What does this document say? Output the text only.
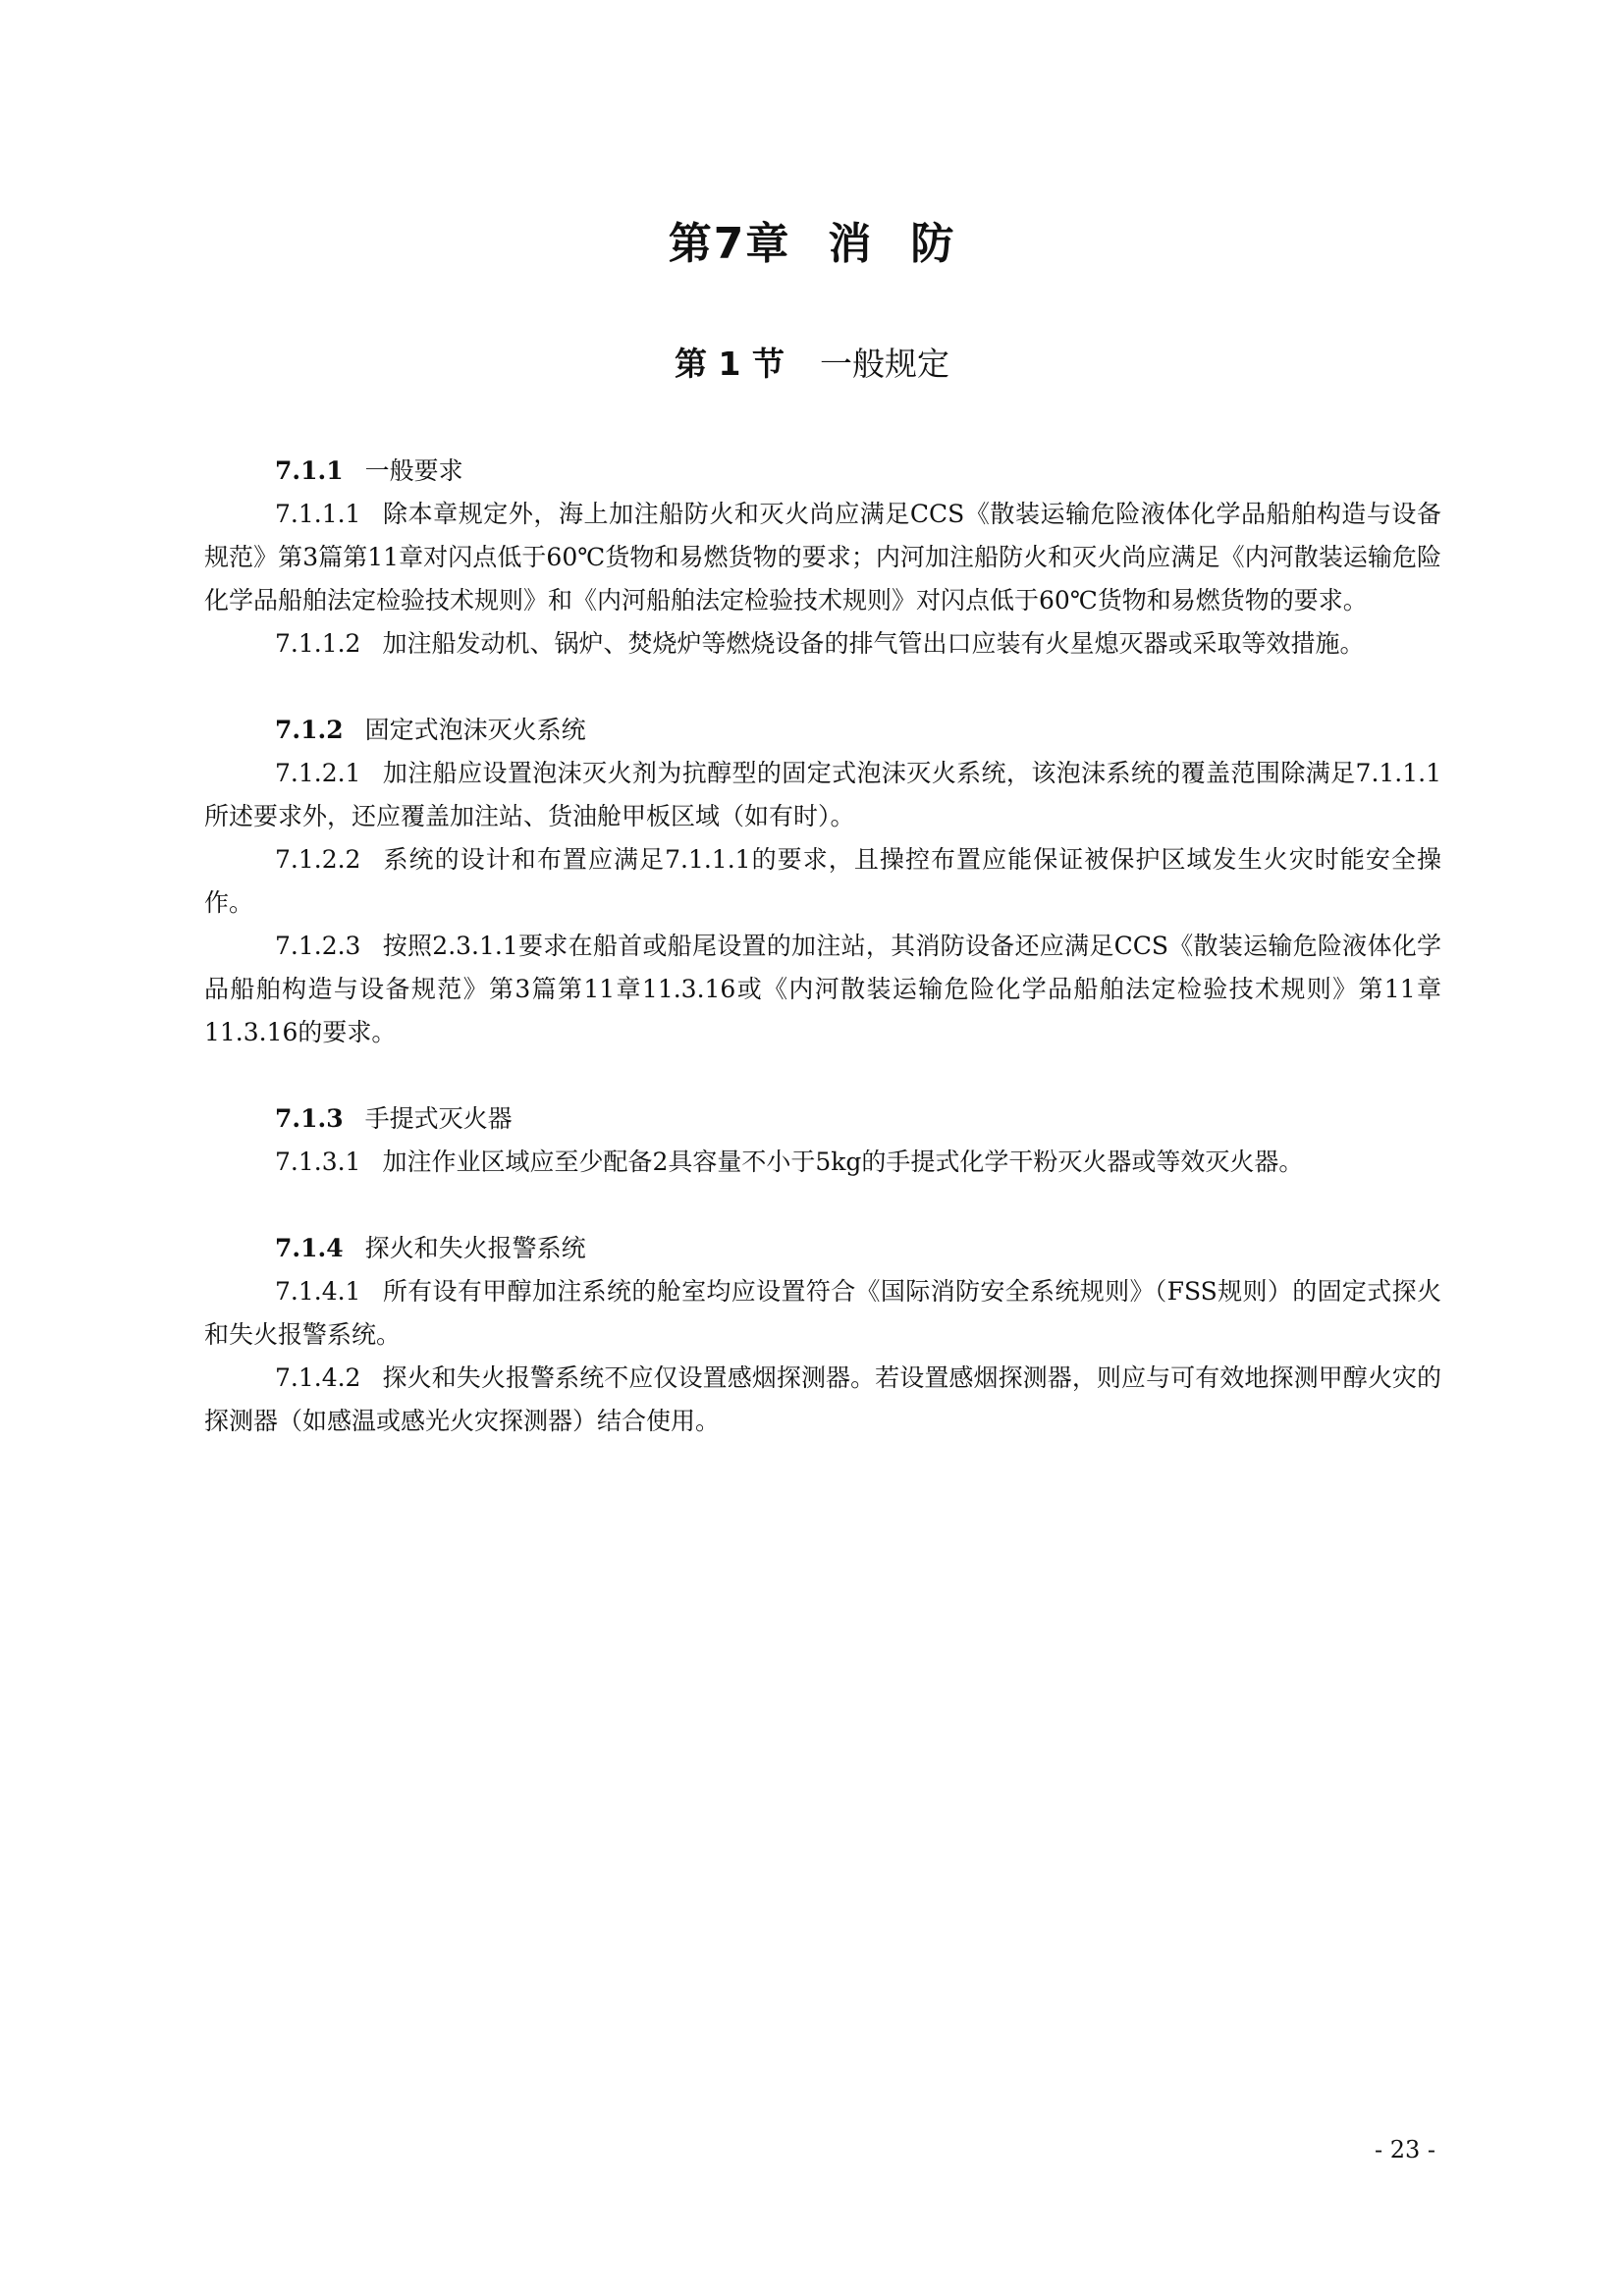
第7章 消 防
第 1 节 一般规定

7.1.1 一般要求

7.1.1.1 除本章规定外，海上加注船防火和灭火尚应满足CCS《散装运输危险液体化学品船舶构造与设备规范》第3篇第11章对闪点低于60℃货物和易燃货物的要求；内河加注船防火和灭火尚应满足《内河散装运输危险化学品船舶法定检验技术规则》和《内河船舶法定检验技术规则》对闪点低于60℃货物和易燃货物的要求。

7.1.1.2 加注船发动机、锅炉、焚烧炉等燃烧设备的排气管出口应装有火星熄灭器或采取等效措施。

7.1.2 固定式泡沫灭火系统

7.1.2.1 加注船应设置泡沫灭火剂为抗醇型的固定式泡沫灭火系统，该泡沫系统的覆盖范围除满足7.1.1.1所述要求外，还应覆盖加注站、货油舱甲板区域（如有时）。

7.1.2.2 系统的设计和布置应满足7.1.1.1的要求，且操控布置应能保证被保护区域发生火灾时能安全操作。

7.1.2.3 按照2.3.1.1要求在船首或船尾设置的加注站，其消防设备还应满足CCS《散装运输危险液体化学品船舶构造与设备规范》第3篇第11章11.3.16或《内河散装运输危险化学品船舶法定检验技术规则》第11章11.3.16的要求。

7.1.3 手提式灭火器

7.1.3.1 加注作业区域应至少配备2具容量不小于5kg的手提式化学干粉灭火器或等效灭火器。

7.1.4 探火和失火报警系统

7.1.4.1 所有设有甲醇加注系统的舱室均应设置符合《国际消防安全系统规则》（FSS规则）的固定式探火和失火报警系统。

7.1.4.2 探火和失火报警系统不应仅设置感烟探测器。若设置感烟探测器，则应与可有效地探测甲醇火灾的探测器（如感温或感光火灾探测器）结合使用。

- 23 -
